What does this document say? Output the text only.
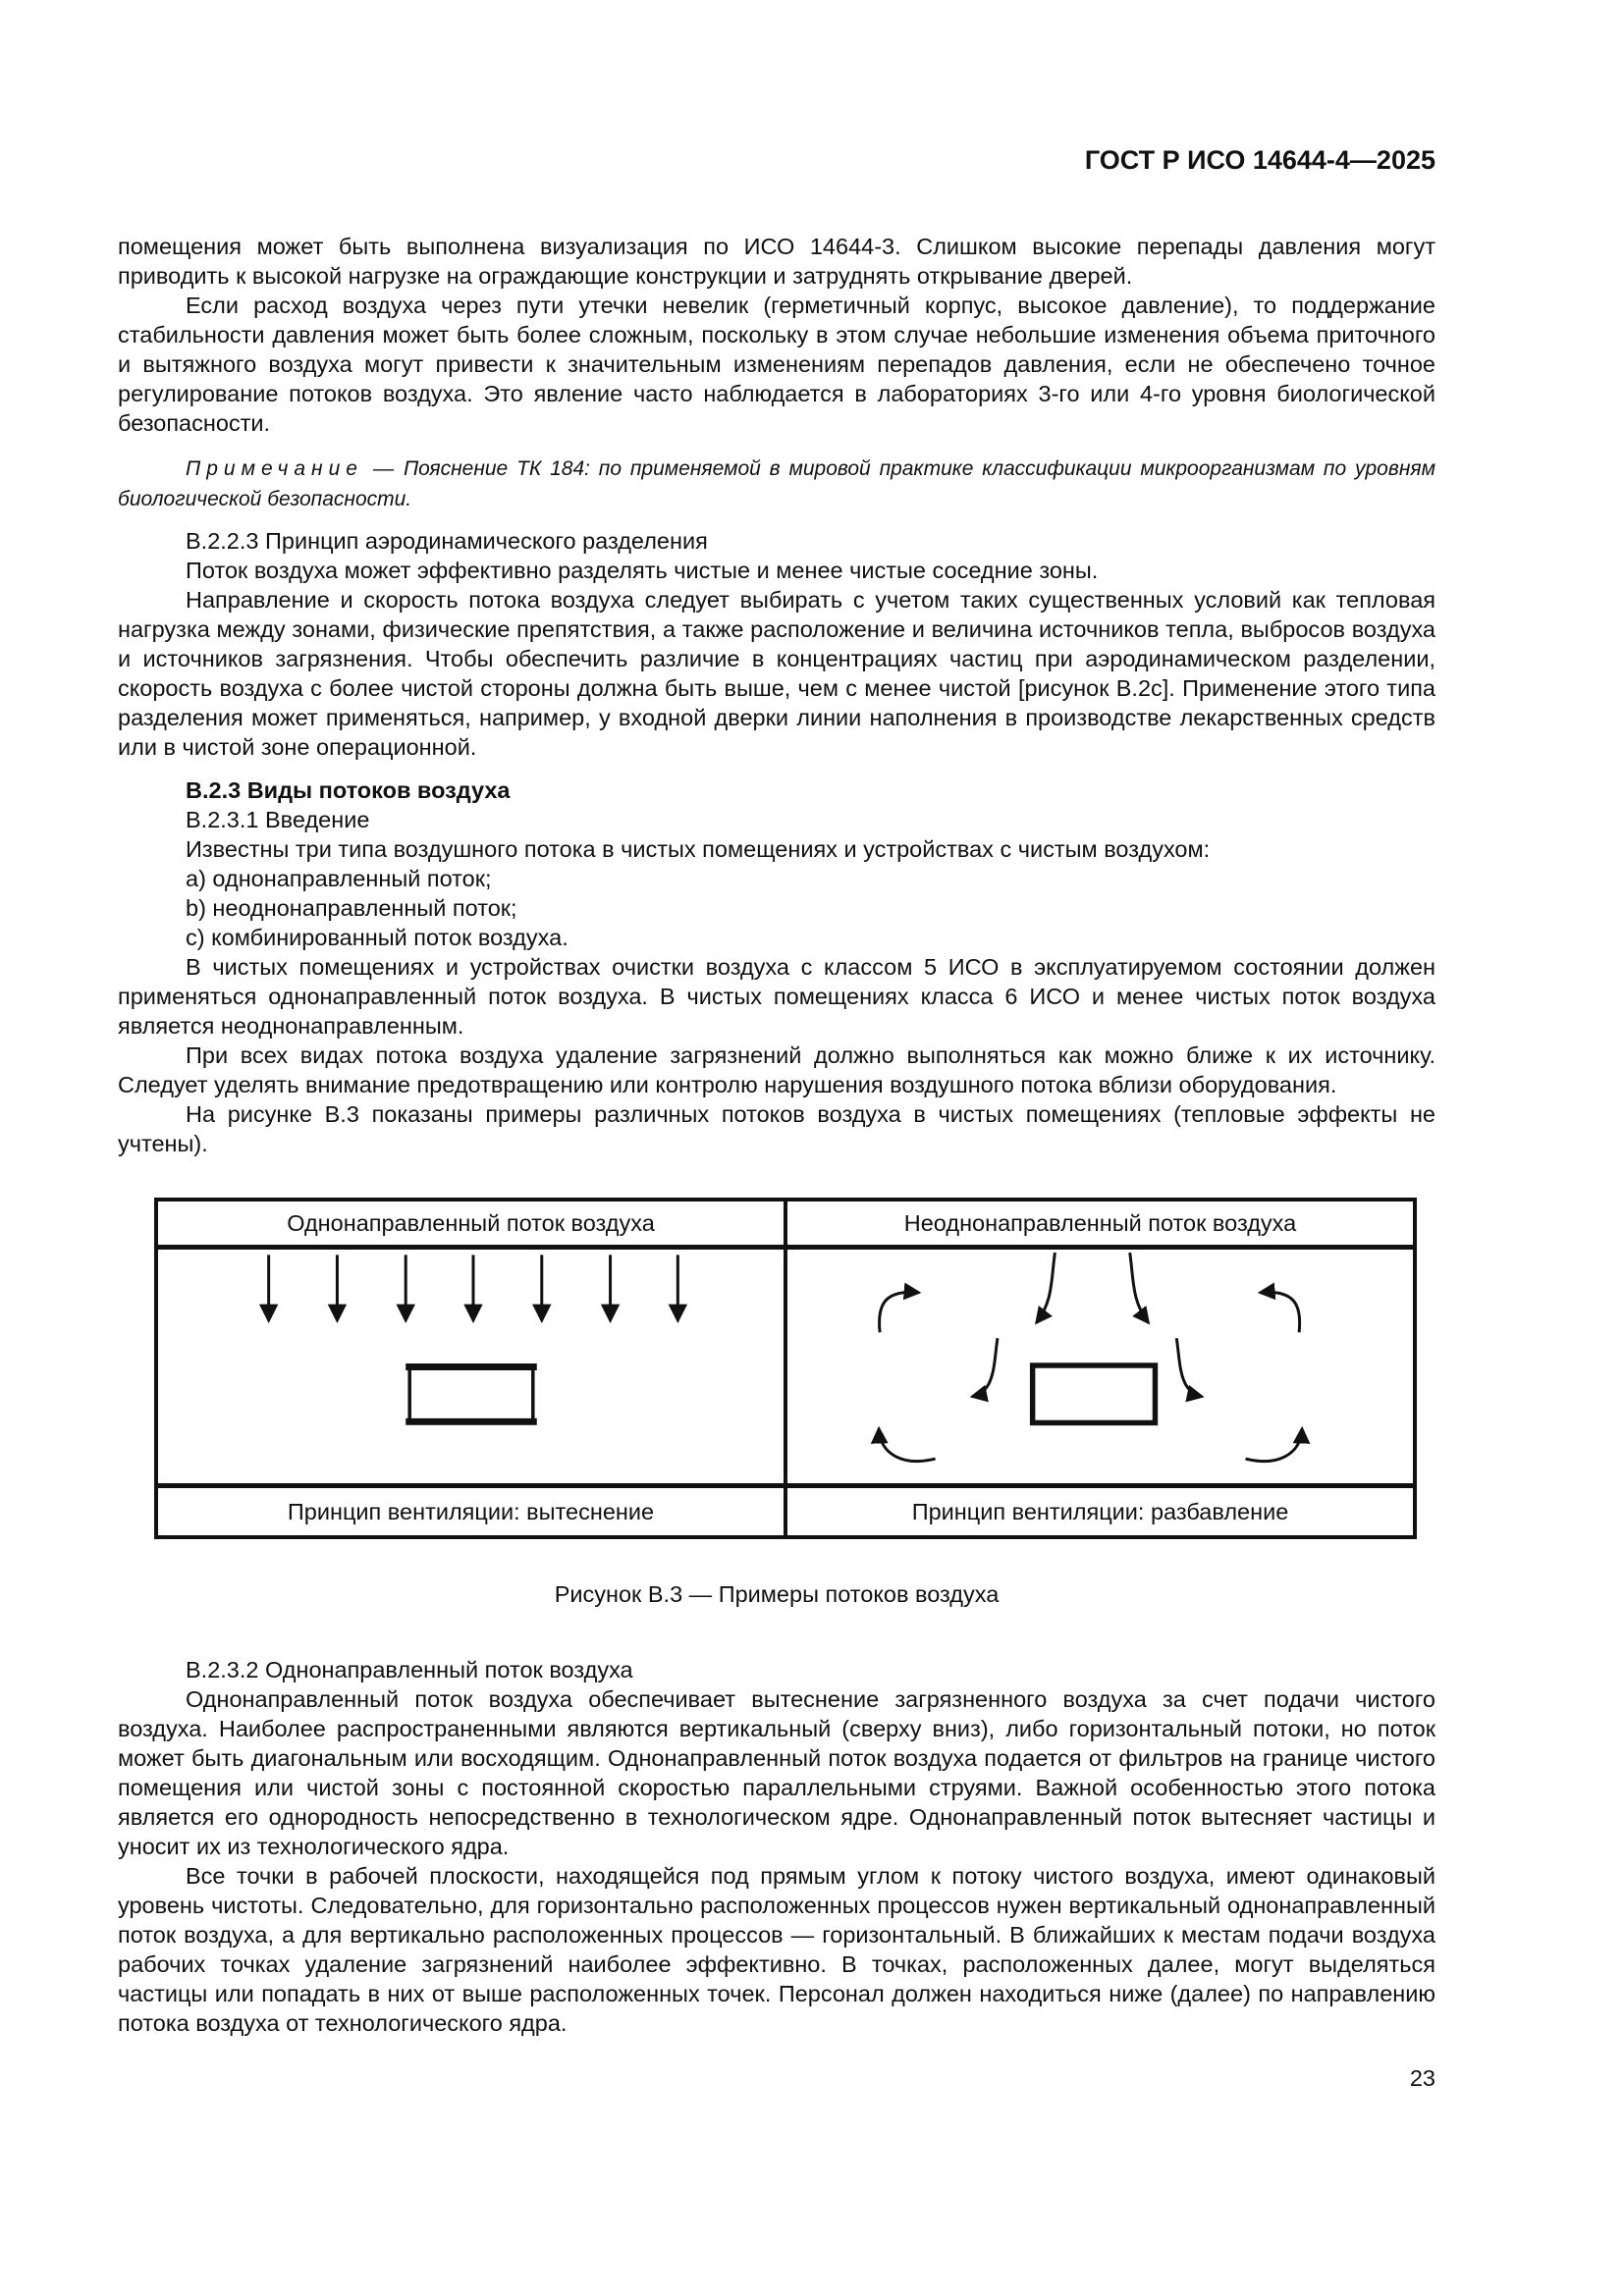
ГОСТ Р ИСО 14644-4—2025

помещения может быть выполнена визуализация по ИСО 14644-3. Слишком высокие перепады давления могут приводить к высокой нагрузке на ограждающие конструкции и затруднять открывание дверей.

Если расход воздуха через пути утечки невелик (герметичный корпус, высокое давление), то поддержание стабильности давления может быть более сложным, поскольку в этом случае небольшие изменения объема приточного и вытяжного воздуха могут привести к значительным изменениям перепадов давления, если не обеспечено точное регулирование потоков воздуха. Это явление часто наблюдается в лабораториях 3-го или 4-го уровня биологической безопасности.

Примечание — Пояснение ТК 184: по применяемой в мировой практике классификации микроорганизмам по уровням биологической безопасности.

В.2.2.3 Принцип аэродинамического разделения

Поток воздуха может эффективно разделять чистые и менее чистые соседние зоны.

Направление и скорость потока воздуха следует выбирать с учетом таких существенных условий как тепловая нагрузка между зонами, физические препятствия, а также расположение и величина источников тепла, выбросов воздуха и источников загрязнения. Чтобы обеспечить различие в концентрациях частиц при аэродинамическом разделении, скорость воздуха с более чистой стороны должна быть выше, чем с менее чистой [рисунок В.2с]. Применение этого типа разделения может применяться, например, у входной дверки линии наполнения в производстве лекарственных средств или в чистой зоне операционной.

В.2.3 Виды потоков воздуха

В.2.3.1 Введение

Известны три типа воздушного потока в чистых помещениях и устройствах с чистым воздухом:

a) однонаправленный поток;

b) неоднонаправленный поток;

c) комбинированный поток воздуха.

В чистых помещениях и устройствах очистки воздуха с классом 5 ИСО в эксплуатируемом состоянии должен применяться однонаправленный поток воздуха. В чистых помещениях класса 6 ИСО и менее чистых поток воздуха является неоднонаправленным.

При всех видах потока воздуха удаление загрязнений должно выполняться как можно ближе к их источнику. Следует уделять внимание предотвращению или контролю нарушения воздушного потока вблизи оборудования.

На рисунке В.3 показаны примеры различных потоков воздуха в чистых помещениях (тепловые эффекты не учтены).

Однонаправленный поток воздуха	Неоднонаправленный поток воздуха
Принцип вентиляции: вытеснение	Принцип вентиляции: разбавление
Рисунок В.3 — Примеры потоков воздуха

В.2.3.2 Однонаправленный поток воздуха

Однонаправленный поток воздуха обеспечивает вытеснение загрязненного воздуха за счет подачи чистого воздуха. Наиболее распространенными являются вертикальный (сверху вниз), либо горизонтальный потоки, но поток может быть диагональным или восходящим. Однонаправленный поток воздуха подается от фильтров на границе чистого помещения или чистой зоны с постоянной скоростью параллельными струями. Важной особенностью этого потока является его однородность непосредственно в технологическом ядре. Однонаправленный поток вытесняет частицы и уносит их из технологического ядра.

Все точки в рабочей плоскости, находящейся под прямым углом к потоку чистого воздуха, имеют одинаковый уровень чистоты. Следовательно, для горизонтально расположенных процессов нужен вертикальный однонаправленный поток воздуха, а для вертикально расположенных процессов — горизонтальный. В ближайших к местам подачи воздуха рабочих точках удаление загрязнений наиболее эффективно. В точках, расположенных далее, могут выделяться частицы или попадать в них от выше расположенных точек. Персонал должен находиться ниже (далее) по направлению потока воздуха от технологического ядра.

23
